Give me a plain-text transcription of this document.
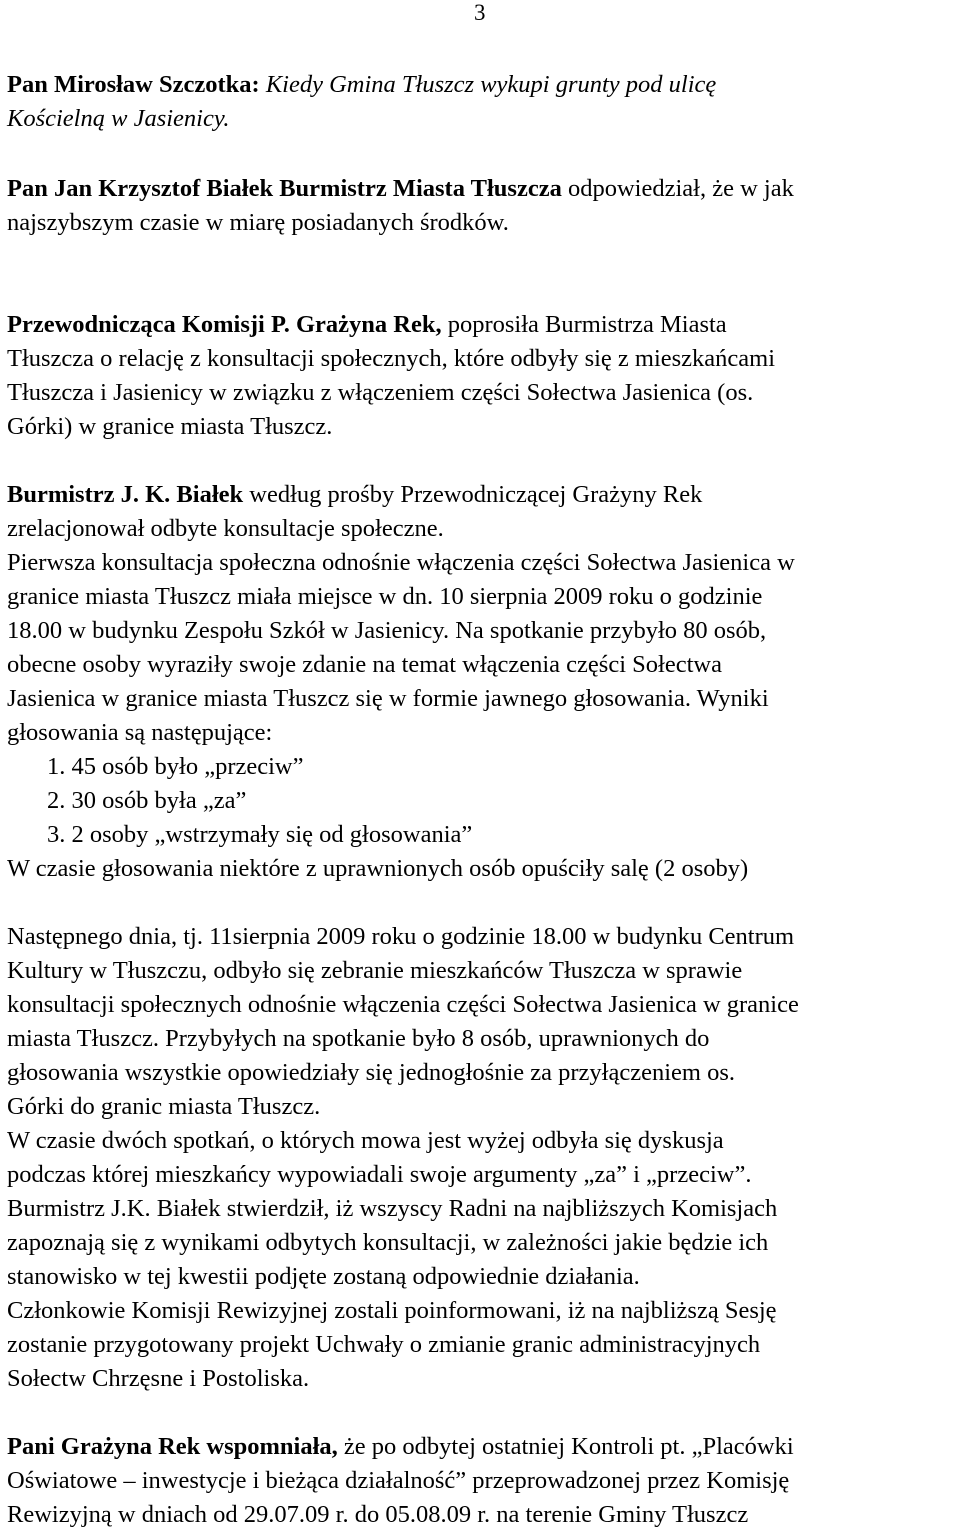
3
Pan Mirosław Szczotka: Kiedy Gmina Tłuszcz wykupi grunty pod ulicę
Kościelną w Jasienicy.
Pan Jan Krzysztof Białek Burmistrz Miasta Tłuszcza odpowiedział, że w jak
najszybszym czasie w miarę posiadanych środków.
Przewodnicząca Komisji P. Grażyna Rek, poprosiła Burmistrza Miasta
Tłuszcza o relację z konsultacji społecznych, które odbyły się z mieszkańcami
Tłuszcza i Jasienicy w związku z włączeniem części Sołectwa Jasienica (os.
Górki) w granice miasta Tłuszcz.
Burmistrz J. K. Białek według prośby Przewodniczącej Grażyny Rek
zrelacjonował odbyte konsultacje społeczne.
Pierwsza konsultacja społeczna odnośnie włączenia części Sołectwa Jasienica w
granice miasta Tłuszcz miała miejsce w dn. 10 sierpnia 2009 roku o godzinie
18.00 w budynku Zespołu Szkół w Jasienicy. Na spotkanie przybyło 80 osób,
obecne osoby wyraziły swoje zdanie na temat włączenia części Sołectwa
Jasienica w granice miasta Tłuszcz się w formie jawnego głosowania. Wyniki
głosowania są następujące:
1. 45 osób było „przeciw”
2. 30 osób była „za”
3. 2 osoby „wstrzymały się od głosowania”
W czasie głosowania niektóre z uprawnionych osób opuściły salę (2 osoby)
Następnego dnia, tj. 11sierpnia 2009 roku o godzinie 18.00 w budynku Centrum
Kultury w Tłuszczu, odbyło się zebranie mieszkańców Tłuszcza w sprawie
konsultacji społecznych odnośnie włączenia części Sołectwa Jasienica w granice
miasta Tłuszcz. Przybyłych na spotkanie było 8 osób, uprawnionych do
głosowania wszystkie opowiedziały się jednogłośnie za przyłączeniem os.
Górki do granic miasta Tłuszcz.
W czasie dwóch spotkań, o których mowa jest wyżej odbyła się dyskusja
podczas której mieszkańcy wypowiadali swoje argumenty „za” i „przeciw”.
Burmistrz J.K. Białek stwierdził, iż wszyscy Radni na najbliższych Komisjach
zapoznają się z wynikami odbytych konsultacji, w zależności jakie będzie ich
stanowisko w tej kwestii podjęte zostaną odpowiednie działania.
Członkowie Komisji Rewizyjnej zostali poinformowani, iż na najbliższą Sesję
zostanie przygotowany projekt Uchwały o zmianie granic administracyjnych
Sołectw Chrzęsne i Postoliska.
Pani Grażyna Rek wspomniała, że po odbytej ostatniej Kontroli pt. „Placówki
Oświatowe – inwestycje i bieżąca działalność” przeprowadzonej przez Komisję
Rewizyjną w dniach od 29.07.09 r. do 05.08.09 r. na terenie Gminy Tłuszcz
